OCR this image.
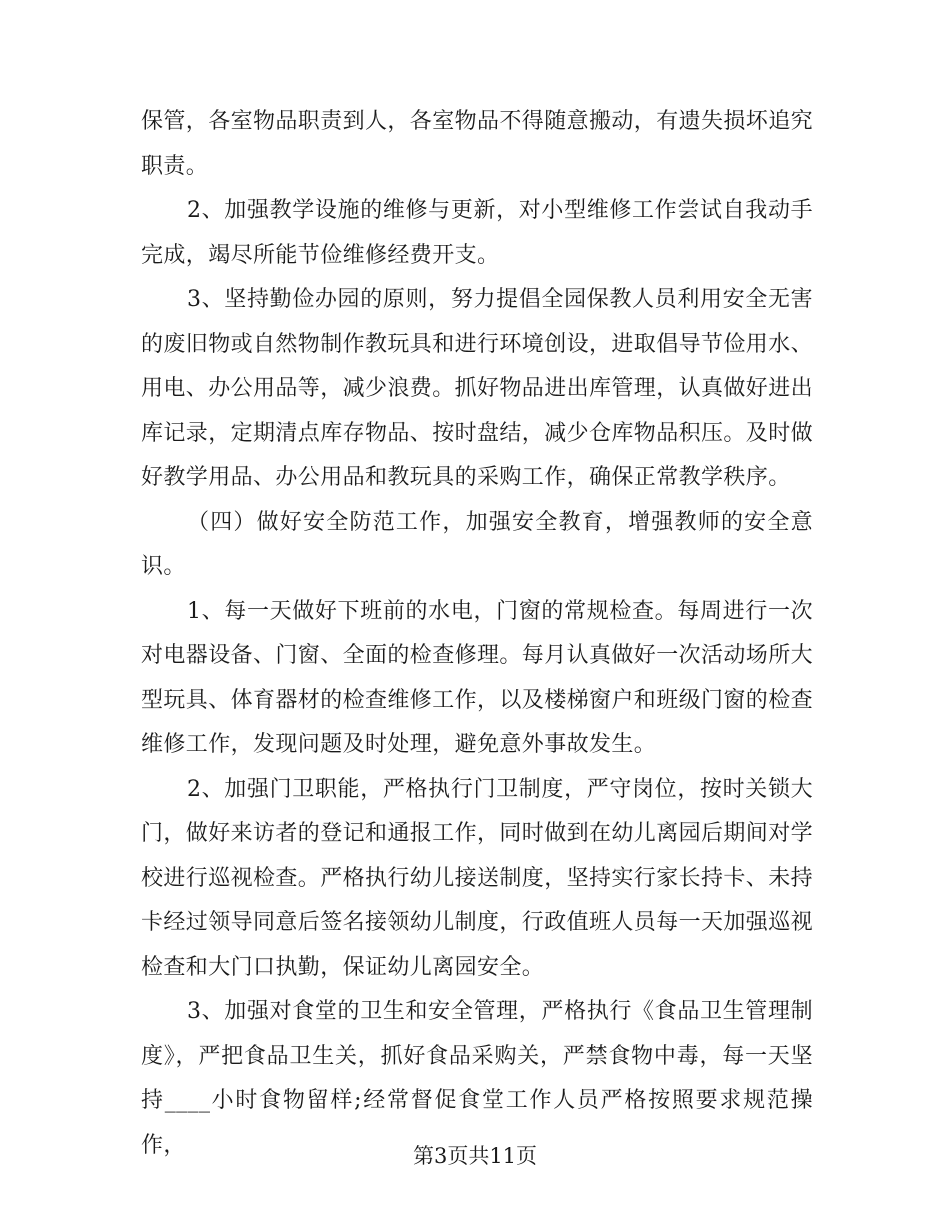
保管，各室物品职责到人，各室物品不得随意搬动，有遗失损坏追究职责。

2、加强教学设施的维修与更新，对小型维修工作尝试自我动手完成，竭尽所能节俭维修经费开支。

3、坚持勤俭办园的原则，努力提倡全园保教人员利用安全无害的废旧物或自然物制作教玩具和进行环境创设，进取倡导节俭用水、用电、办公用品等，减少浪费。抓好物品进出库管理，认真做好进出库记录，定期清点库存物品、按时盘结，减少仓库物品积压。及时做好教学用品、办公用品和教玩具的采购工作，确保正常教学秩序。

（四）做好安全防范工作，加强安全教育，增强教师的安全意识。

1、每一天做好下班前的水电，门窗的常规检查。每周进行一次对电器设备、门窗、全面的检查修理。每月认真做好一次活动场所大型玩具、体育器材的检查维修工作，以及楼梯窗户和班级门窗的检查维修工作，发现问题及时处理，避免意外事故发生。

2、加强门卫职能，严格执行门卫制度，严守岗位，按时关锁大门，做好来访者的登记和通报工作，同时做到在幼儿离园后期间对学校进行巡视检查。严格执行幼儿接送制度，坚持实行家长持卡、未持卡经过领导同意后签名接领幼儿制度，行政值班人员每一天加强巡视检查和大门口执勤，保证幼儿离园安全。

3、加强对食堂的卫生和安全管理，严格执行《食品卫生管理制度》，严把食品卫生关，抓好食品采购关，严禁食物中毒，每一天坚持____小时食物留样;经常督促食堂工作人员严格按照要求规范操作，	第3页共11页
